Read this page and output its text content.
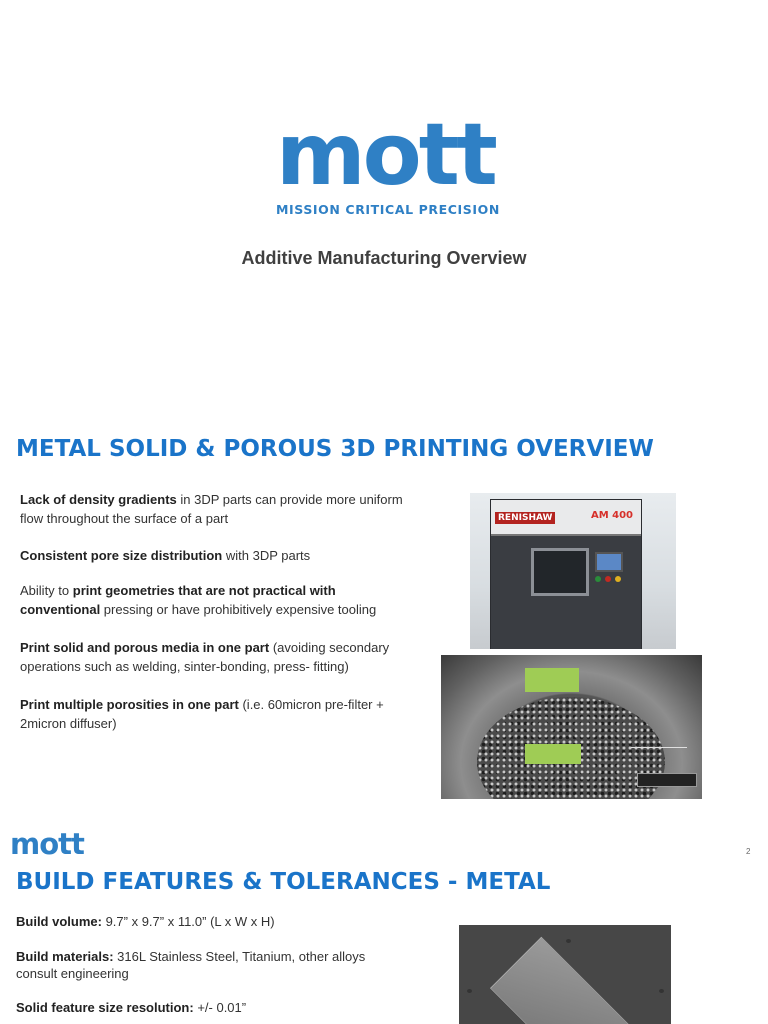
mott
MISSION CRITICAL PRECISION
Additive Manufacturing Overview
METAL SOLID & POROUS 3D PRINTING OVERVIEW
Lack of density gradients in 3DP parts can provide more uniform flow throughout the surface of a part
Consistent pore size distribution with 3DP parts
Ability to print geometries that are not practical with conventional pressing or have prohibitively expensive tooling
Print solid and porous media in one part (avoiding secondary operations such as welding, sinter-bonding, press- fitting)
Print multiple porosities in one part (i.e. 60micron pre-filter + 2micron diffuser)
RENISHAW	AM 400
mott	2
BUILD FEATURES & TOLERANCES - METAL
Build volume: 9.7” x 9.7” x 11.0” (L x W x H)
Build materials: 316L Stainless Steel, Titanium, other alloys consult engineering
Solid feature size resolution: +/- 0.01”
